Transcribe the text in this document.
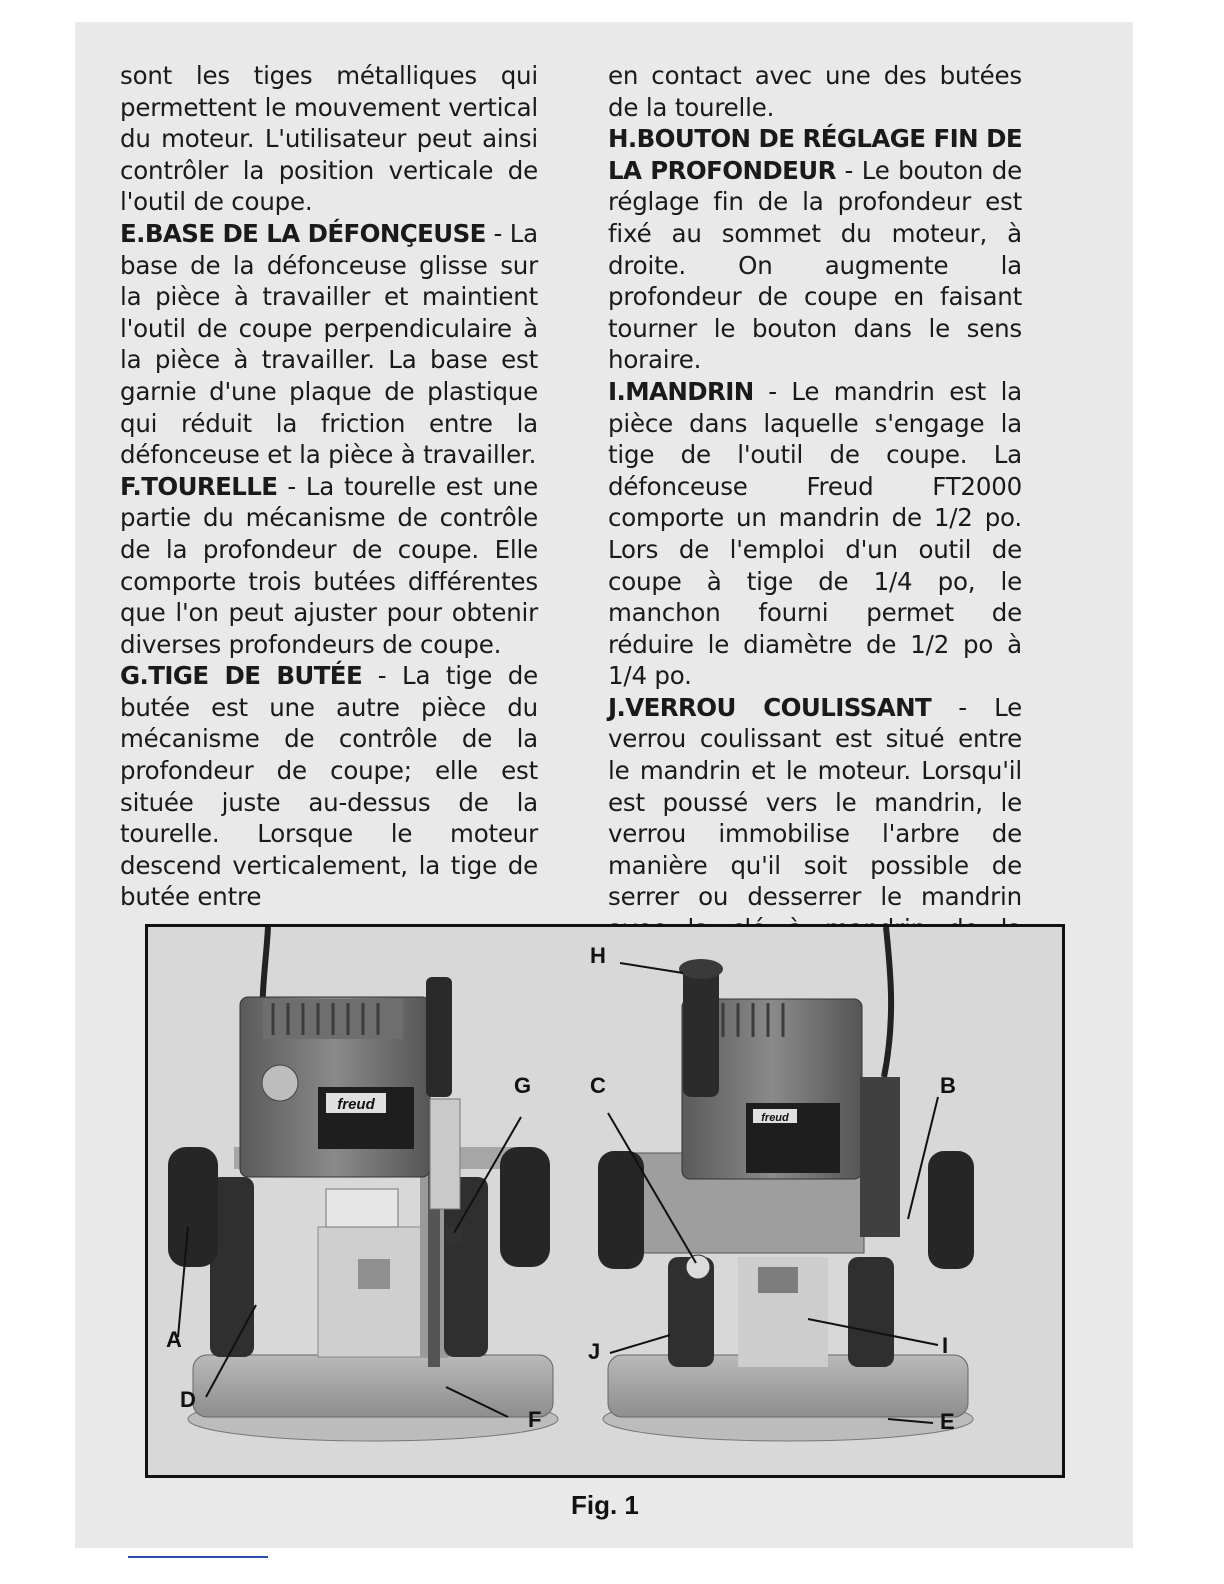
sont les tiges métalliques qui permettent le mouvement vertical du moteur. L'utilisateur peut ainsi contrôler la position verticale de l'outil de coupe.

E.BASE DE LA DÉFONÇEUSE - La base de la défonceuse glisse sur la pièce à travailler et maintient l'outil de coupe perpendiculaire à la pièce à travailler. La base est garnie d'une plaque de plastique qui réduit la friction entre la défonceuse et la pièce à travailler.

F.TOURELLE - La tourelle est une partie du mécanisme de contrôle de la profondeur de coupe. Elle comporte trois butées différentes que l'on peut ajuster pour obtenir diverses profondeurs de coupe.

G.TIGE DE BUTÉE - La tige de butée est une autre pièce du mécanisme de contrôle de la profondeur de coupe; elle est située juste au-dessus de la tourelle. Lorsque le moteur descend verticalement, la tige de butée entre

en contact avec une des butées de la tourelle.

H.BOUTON DE RÉGLAGE FIN DE LA PROFONDEUR - Le bouton de réglage fin de la profondeur est fixé au sommet du moteur, à droite. On augmente la profondeur de coupe en faisant tourner le bouton dans le sens horaire.

I.MANDRIN - Le mandrin est la pièce dans laquelle s'engage la tige de l'outil de coupe. La défonceuse Freud FT2000 comporte un mandrin de 1/2 po. Lors de l'emploi d'un outil de coupe à tige de 1/4 po, le manchon fourni permet de réduire le diamètre de 1/2 po à 1/4 po.

J.VERROU COULISSANT - Le verrou coulissant est situé entre le mandrin et le moteur. Lorsqu'il est poussé vers le mandrin, le verrou immobilise l'arbre de manière qu'il soit possible de serrer ou desserrer le mandrin

freud
freud
A
B
C
D
E
F
G
H
I
J
Fig. 1
